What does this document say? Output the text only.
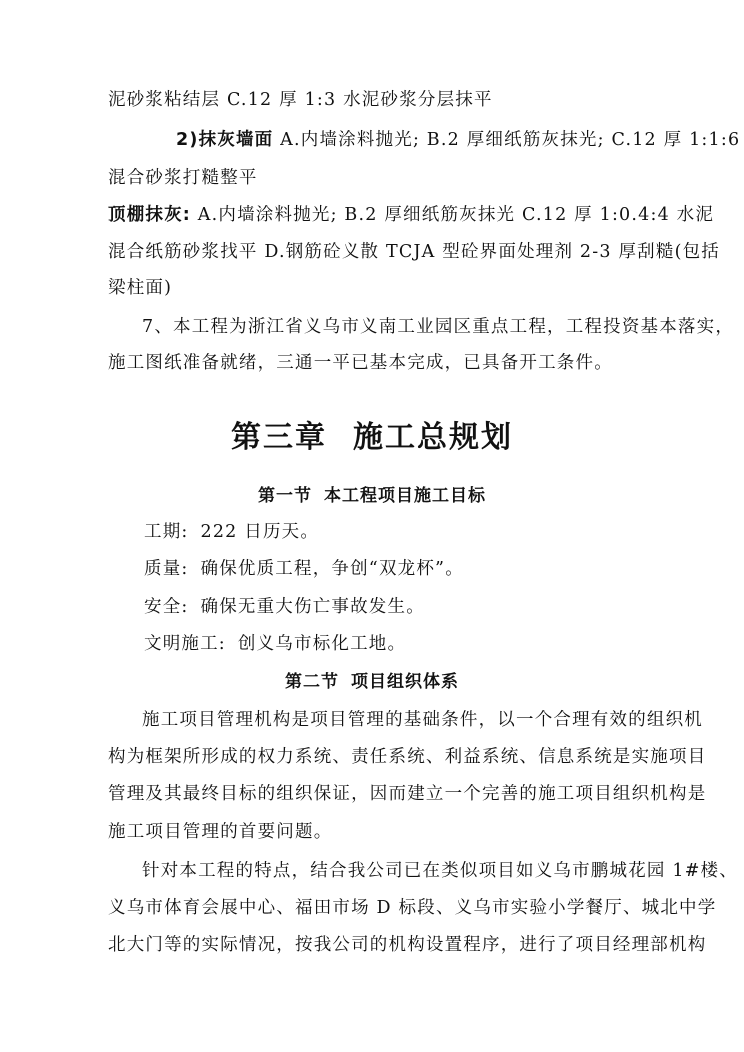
泥砂浆粘结层 C.12 厚 1:3 水泥砂浆分层抹平
2)抹灰墙面 A.内墙涂料抛光; B.2 厚细纸筋灰抹光; C.12 厚 1:1:6
混合砂浆打糙整平
顶棚抹灰: A.内墙涂料抛光; B.2 厚细纸筋灰抹光 C.12 厚 1:0.4:4 水泥
混合纸筋砂浆找平 D.钢筋砼义散 TCJA 型砼界面处理剂 2-3 厚刮糙(包括
梁柱面)
7、本工程为浙江省义乌市义南工业园区重点工程，工程投资基本落实，
施工图纸准备就绪，三通一平已基本完成，已具备开工条件。
第三章 施工总规划
第一节 本工程项目施工目标
工期: 222 日历天。
质量: 确保优质工程，争创“双龙杯”。
安全: 确保无重大伤亡事故发生。
文明施工: 创义乌市标化工地。
第二节 项目组织体系
施工项目管理机构是项目管理的基础条件，以一个合理有效的组织机
构为框架所形成的权力系统、责任系统、利益系统、信息系统是实施项目
管理及其最终目标的组织保证，因而建立一个完善的施工项目组织机构是
施工项目管理的首要问题。
针对本工程的特点，结合我公司已在类似项目如义乌市鹏城花园 1#楼、
义乌市体育会展中心、福田市场 D 标段、义乌市实验小学餐厅、城北中学
北大门等的实际情况，按我公司的机构设置程序，进行了项目经理部机构
